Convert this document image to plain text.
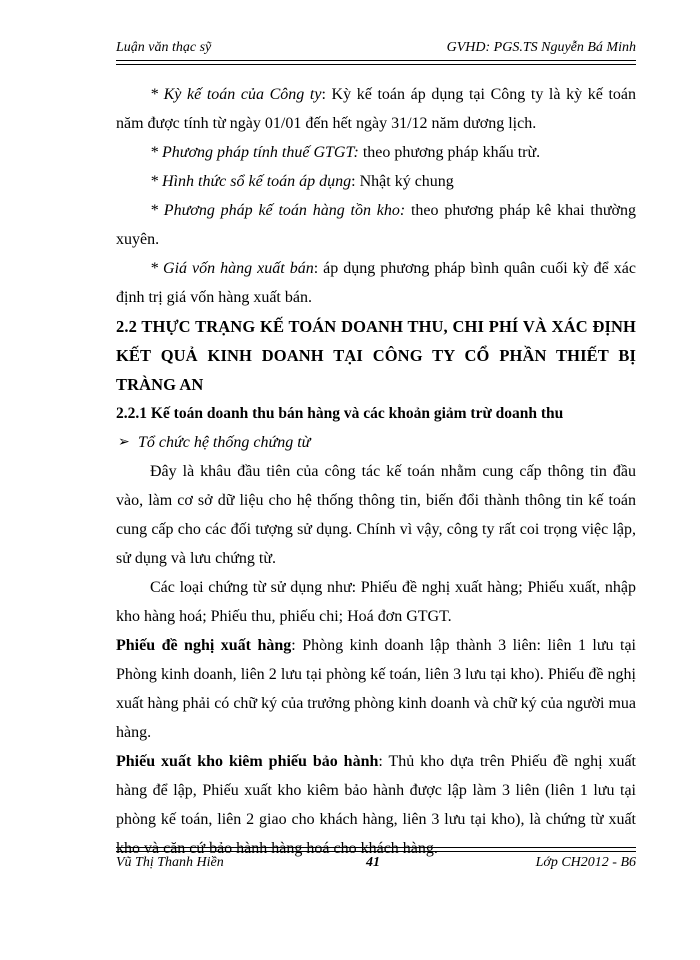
Luận văn thạc sỹ	GVHD: PGS.TS Nguyễn Bá Minh

* Kỳ kế toán của Công ty: Kỳ kế toán áp dụng tại Công ty là kỳ kế toán năm được tính từ ngày 01/01 đến hết ngày 31/12 năm dương lịch.

* Phương pháp tính thuế GTGT: theo phương pháp khấu trừ.

* Hình thức sổ kế toán áp dụng: Nhật ký chung

* Phương pháp kế toán hàng tồn kho: theo phương pháp kê khai thường xuyên.

* Giá vốn hàng xuất bán: áp dụng phương pháp bình quân cuối kỳ để xác định trị giá vốn hàng xuất bán.

2.2 THỰC TRẠNG KẾ TOÁN DOANH THU, CHI PHÍ VÀ XÁC ĐỊNH KẾT QUẢ KINH DOANH TẠI CÔNG TY CỔ PHẦN THIẾT BỊ TRÀNG AN

2.2.1 Kế toán doanh thu bán hàng và các khoản giảm trừ doanh thu

➢ Tổ chức hệ thống chứng từ

Đây là khâu đầu tiên của công tác kế toán nhằm cung cấp thông tin đầu vào, làm cơ sở dữ liệu cho hệ thống thông tin, biến đổi thành thông tin kế toán cung cấp cho các đối tượng sử dụng. Chính vì vậy, công ty rất coi trọng việc lập, sử dụng và lưu chứng từ.

Các loại chứng từ sử dụng như: Phiếu đề nghị xuất hàng; Phiếu xuất, nhập kho hàng hoá; Phiếu thu, phiếu chi; Hoá đơn GTGT.

Phiếu đề nghị xuất hàng: Phòng kinh doanh lập thành 3 liên: liên 1 lưu tại Phòng kinh doanh, liên 2 lưu tại phòng kế toán, liên 3 lưu tại kho). Phiếu đề nghị xuất hàng phải có chữ ký của trưởng phòng kinh doanh và chữ ký của người mua hàng.

Phiếu xuất kho kiêm phiếu bảo hành: Thủ kho dựa trên Phiếu đề nghị xuất hàng để lập, Phiếu xuất kho kiêm bảo hành được lập làm 3 liên (liên 1 lưu tại phòng kế toán, liên 2 giao cho khách hàng, liên 3 lưu tại kho), là chứng từ xuất kho và căn cứ bảo hành hàng hoá cho khách hàng.

Vũ Thị Thanh Hiền	41	Lớp CH2012 - B6
